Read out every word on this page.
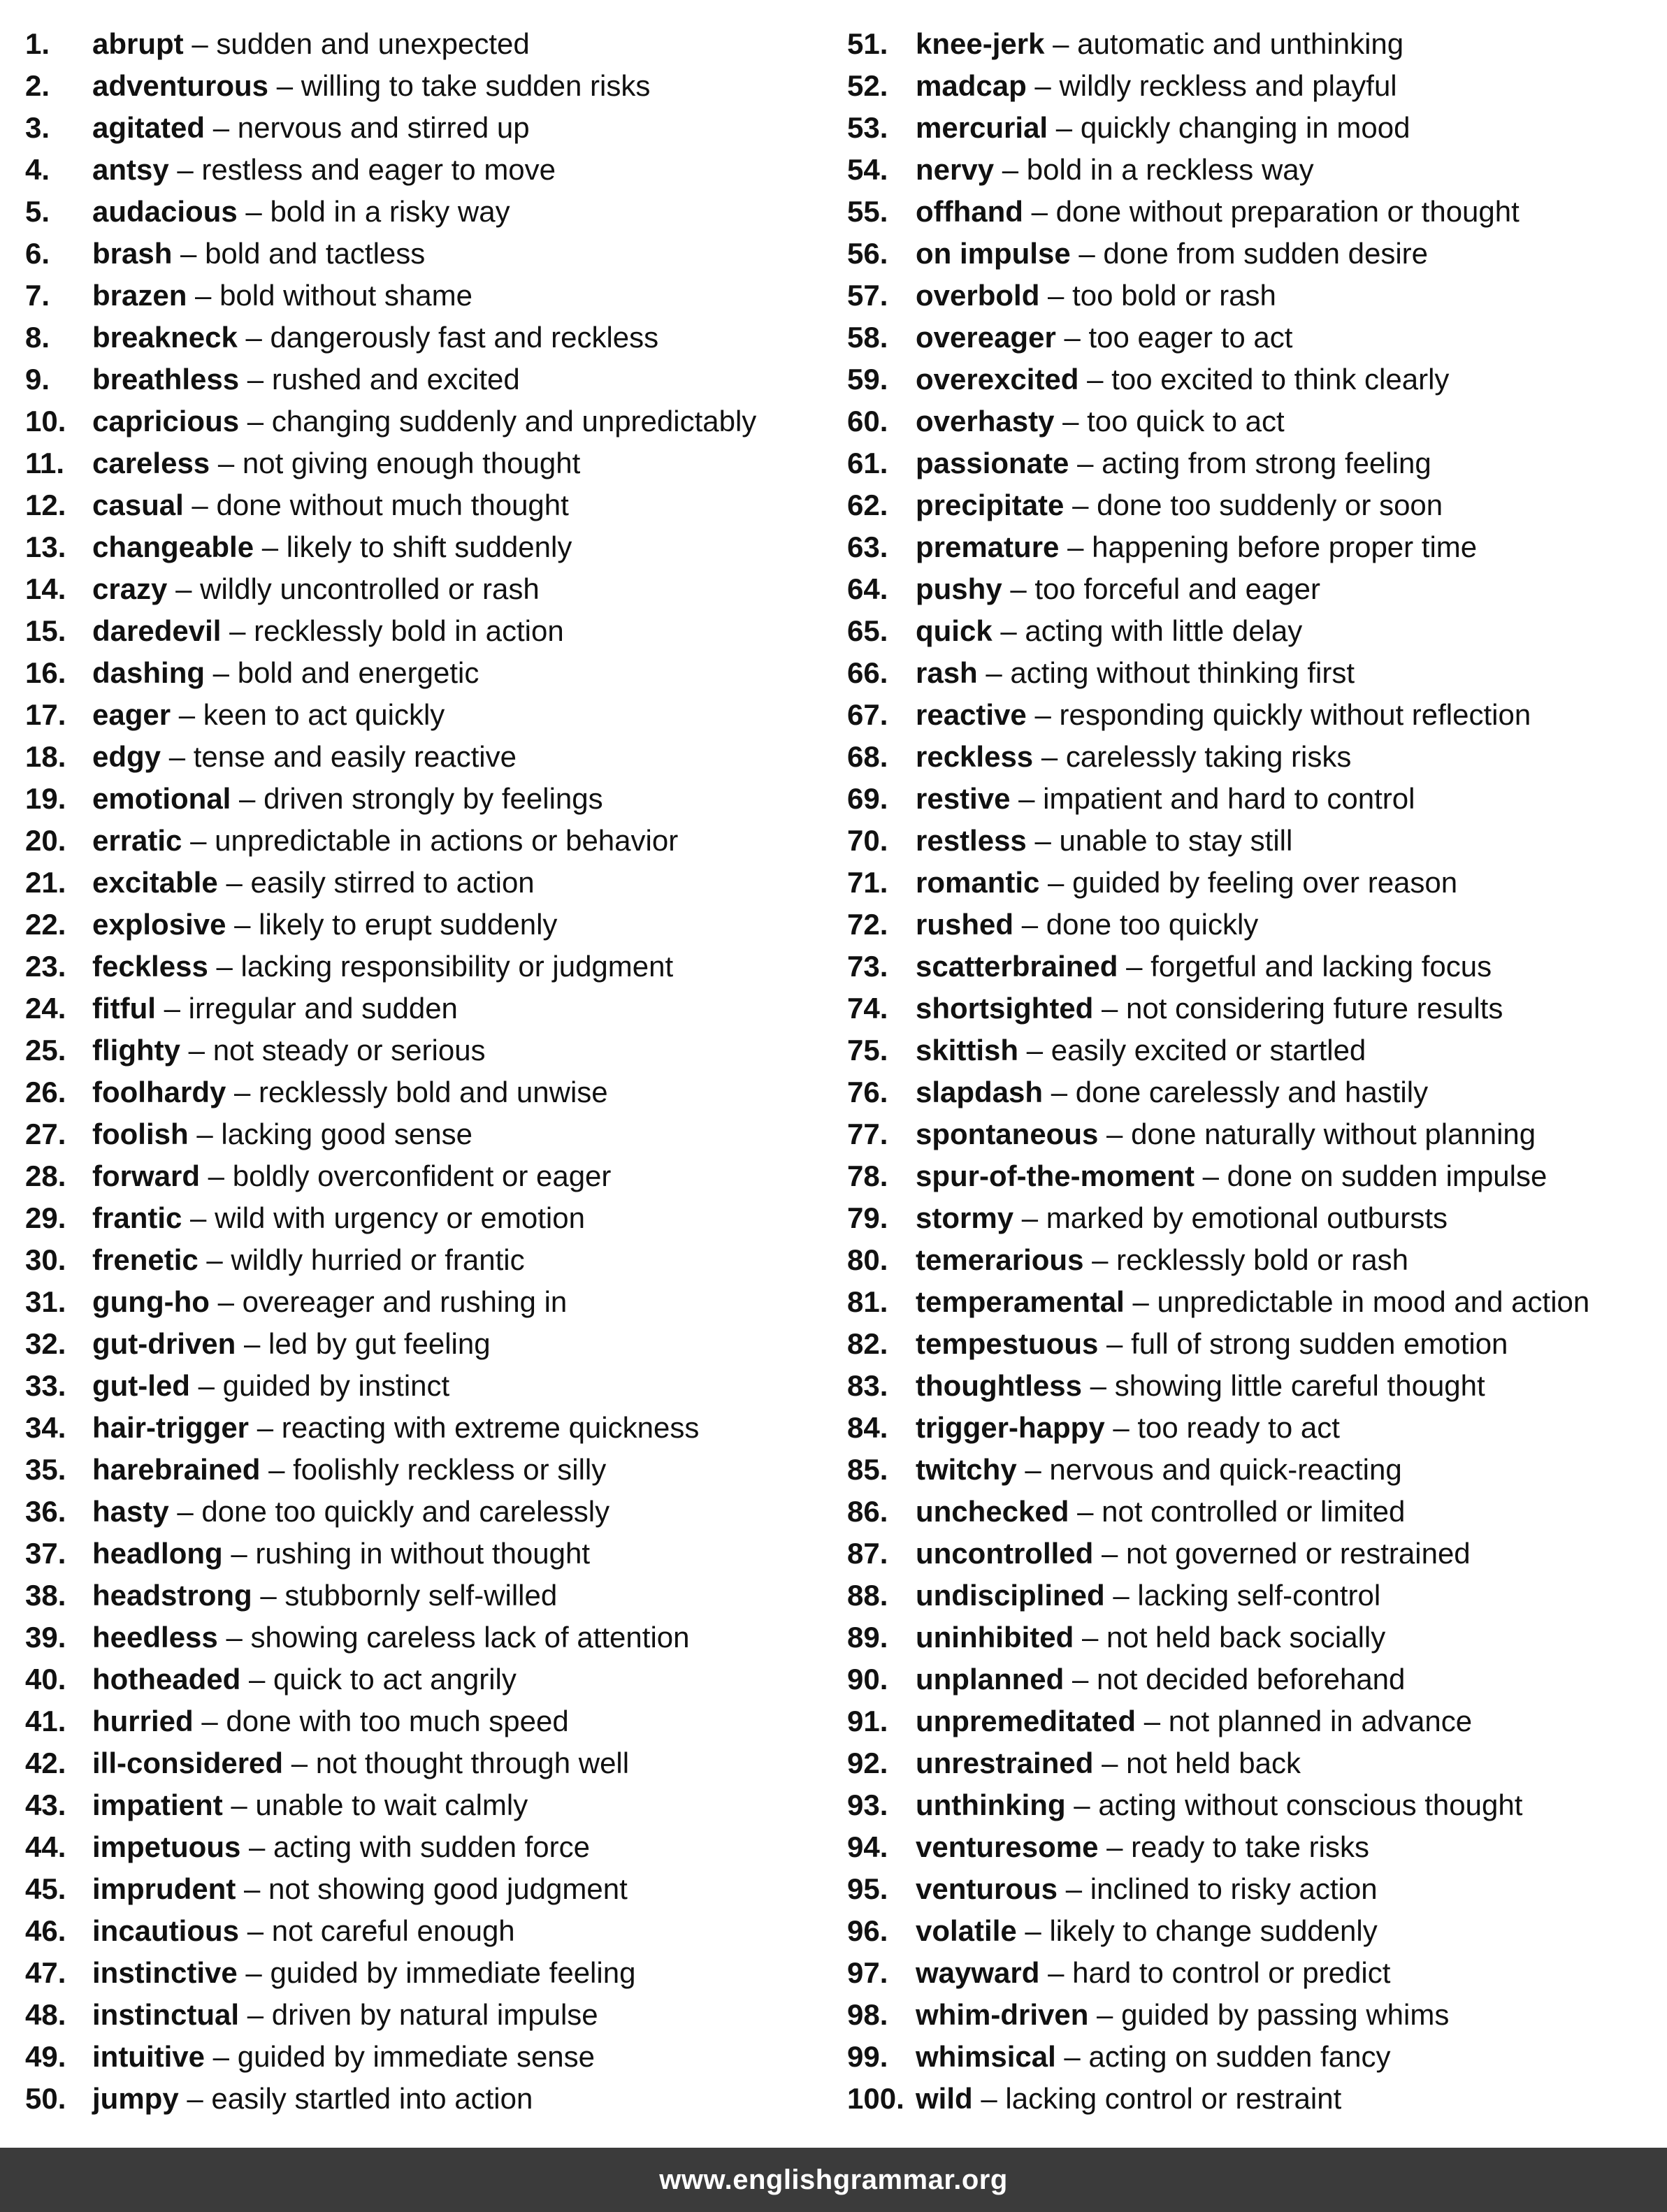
1. abrupt – sudden and unexpected
2. adventurous – willing to take sudden risks
3. agitated – nervous and stirred up
4. antsy – restless and eager to move
5. audacious – bold in a risky way
6. brash – bold and tactless
7. brazen – bold without shame
8. breakneck – dangerously fast and reckless
9. breathless – rushed and excited
10. capricious – changing suddenly and unpredictably
11. careless – not giving enough thought
12. casual – done without much thought
13. changeable – likely to shift suddenly
14. crazy – wildly uncontrolled or rash
15. daredevil – recklessly bold in action
16. dashing – bold and energetic
17. eager – keen to act quickly
18. edgy – tense and easily reactive
19. emotional – driven strongly by feelings
20. erratic – unpredictable in actions or behavior
21. excitable – easily stirred to action
22. explosive – likely to erupt suddenly
23. feckless – lacking responsibility or judgment
24. fitful – irregular and sudden
25. flighty – not steady or serious
26. foolhardy – recklessly bold and unwise
27. foolish – lacking good sense
28. forward – boldly overconfident or eager
29. frantic – wild with urgency or emotion
30. frenetic – wildly hurried or frantic
31. gung-ho – overeager and rushing in
32. gut-driven – led by gut feeling
33. gut-led – guided by instinct
34. hair-trigger – reacting with extreme quickness
35. harebrained – foolishly reckless or silly
36. hasty – done too quickly and carelessly
37. headlong – rushing in without thought
38. headstrong – stubbornly self-willed
39. heedless – showing careless lack of attention
40. hotheaded – quick to act angrily
41. hurried – done with too much speed
42. ill-considered – not thought through well
43. impatient – unable to wait calmly
44. impetuous – acting with sudden force
45. imprudent – not showing good judgment
46. incautious – not careful enough
47. instinctive – guided by immediate feeling
48. instinctual – driven by natural impulse
49. intuitive – guided by immediate sense
50. jumpy – easily startled into action
51. knee-jerk – automatic and unthinking
52. madcap – wildly reckless and playful
53. mercurial – quickly changing in mood
54. nervy – bold in a reckless way
55. offhand – done without preparation or thought
56. on impulse – done from sudden desire
57. overbold – too bold or rash
58. overeager – too eager to act
59. overexcited – too excited to think clearly
60. overhasty – too quick to act
61. passionate – acting from strong feeling
62. precipitate – done too suddenly or soon
63. premature – happening before proper time
64. pushy – too forceful and eager
65. quick – acting with little delay
66. rash – acting without thinking first
67. reactive – responding quickly without reflection
68. reckless – carelessly taking risks
69. restive – impatient and hard to control
70. restless – unable to stay still
71. romantic – guided by feeling over reason
72. rushed – done too quickly
73. scatterbrained – forgetful and lacking focus
74. shortsighted – not considering future results
75. skittish – easily excited or startled
76. slapdash – done carelessly and hastily
77. spontaneous – done naturally without planning
78. spur-of-the-moment – done on sudden impulse
79. stormy – marked by emotional outbursts
80. temerarious – recklessly bold or rash
81. temperamental – unpredictable in mood and action
82. tempestuous – full of strong sudden emotion
83. thoughtless – showing little careful thought
84. trigger-happy – too ready to act
85. twitchy – nervous and quick-reacting
86. unchecked – not controlled or limited
87. uncontrolled – not governed or restrained
88. undisciplined – lacking self-control
89. uninhibited – not held back socially
90. unplanned – not decided beforehand
91. unpremeditated – not planned in advance
92. unrestrained – not held back
93. unthinking – acting without conscious thought
94. venturesome – ready to take risks
95. venturous – inclined to risky action
96. volatile – likely to change suddenly
97. wayward – hard to control or predict
98. whim-driven – guided by passing whims
99. whimsical – acting on sudden fancy
100. wild – lacking control or restraint
www.englishgrammar.org
